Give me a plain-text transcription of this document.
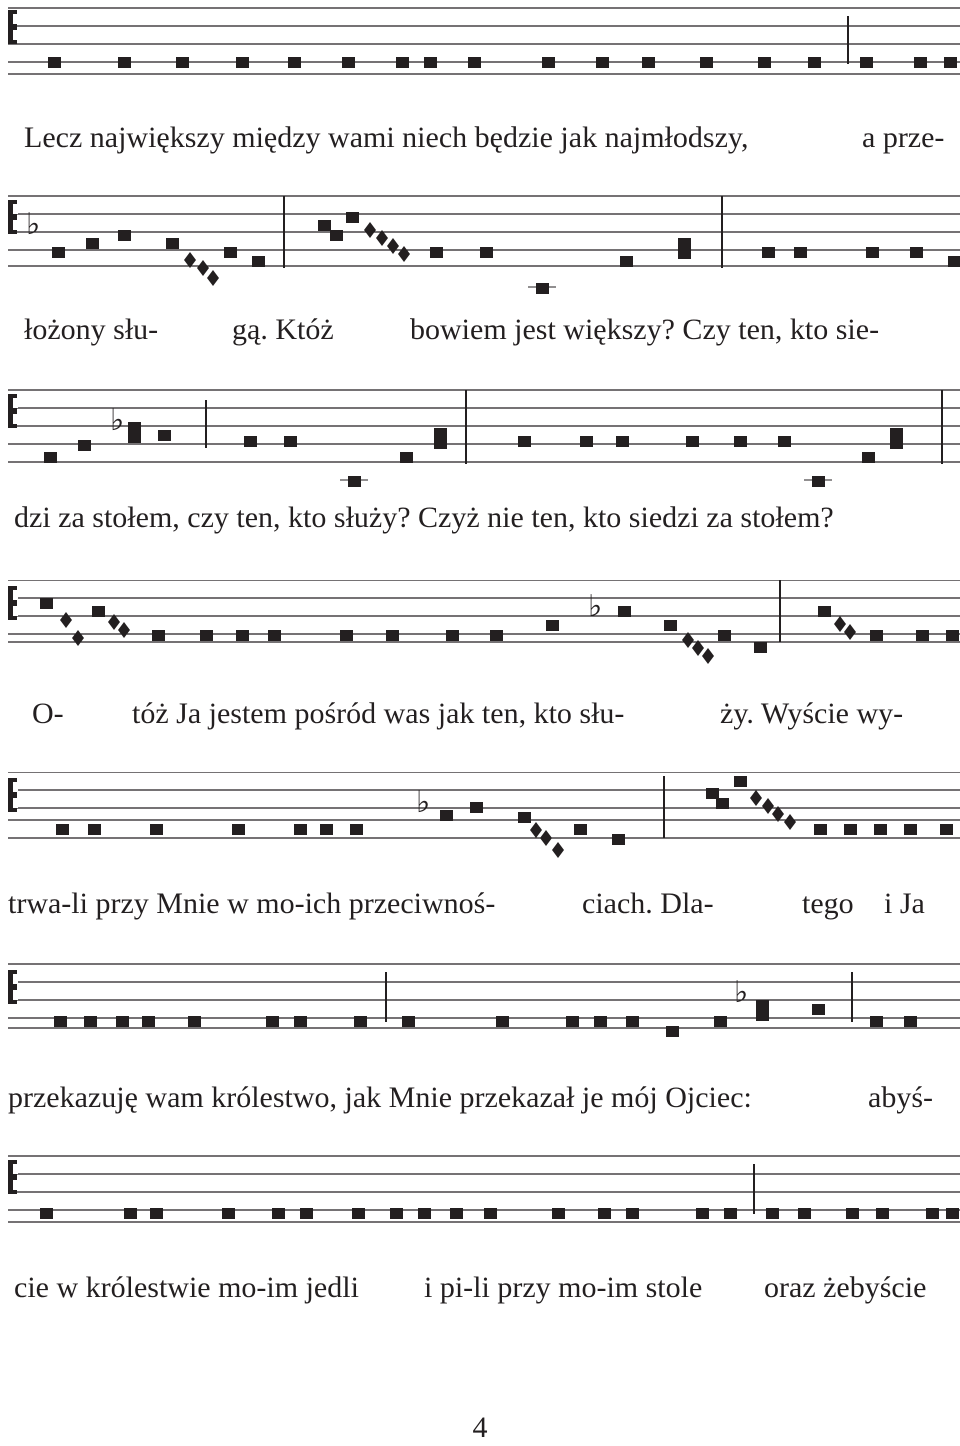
Lecz największy między wami niech będzie jak najmłodszy,	a prze-
♭
łożony słu- gą. Któż	bowiem jest większy? Czy ten, kto sie-
♭
dzi za stołem, czy ten, kto służy? Czyż nie ten, kto siedzi za stołem?
♭
O- tóż Ja jestem pośród was jak ten, kto słu-	ży. Wyście wy-
♭
trwa-li przy Mnie w mo-ich przeciwnoś-	ciach. Dla-	tego i Ja
♭
przekazuję wam królestwo, jak Mnie przekazał je mój Ojciec:	abyś-
cie w królestwie mo-im jedli i pi-li przy mo-im stole oraz żebyście
4
